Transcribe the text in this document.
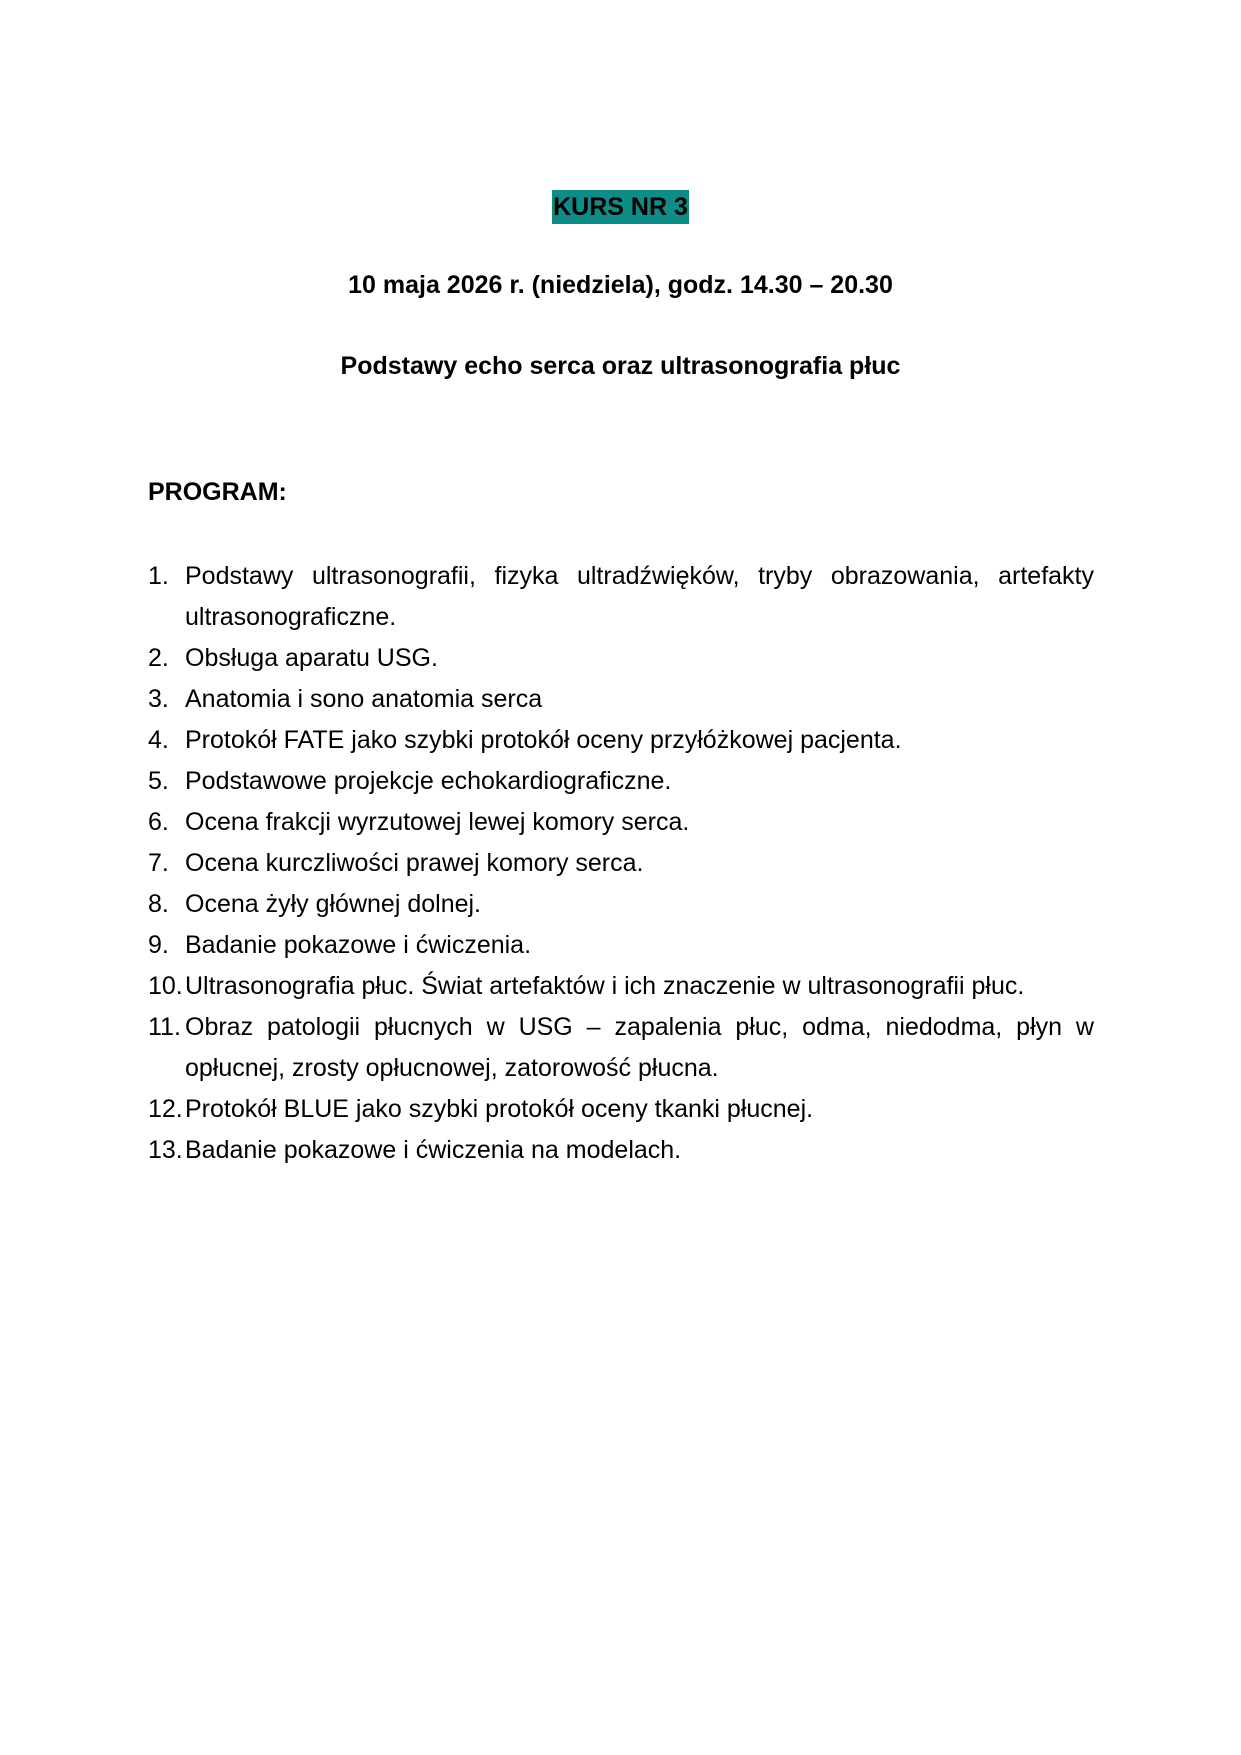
KURS NR 3
10 maja 2026 r. (niedziela), godz. 14.30 – 20.30
Podstawy echo serca oraz ultrasonografia płuc
PROGRAM:
1. Podstawy ultrasonografii, fizyka ultradźwięków, tryby obrazowania, artefakty ultrasonograficzne.
2. Obsługa aparatu USG.
3. Anatomia i sono anatomia serca
4. Protokół FATE jako szybki protokół oceny przyłóżkowej pacjenta.
5. Podstawowe projekcje echokardiograficzne.
6. Ocena frakcji wyrzutowej lewej komory serca.
7. Ocena kurczliwości prawej komory serca.
8. Ocena żyły głównej dolnej.
9. Badanie pokazowe i ćwiczenia.
10. Ultrasonografia płuc. Świat artefaktów i ich znaczenie w ultrasonografii płuc.
11. Obraz patologii płucnych w USG – zapalenia płuc, odma, niedodma, płyn w opłucnej, zrosty opłucnowej, zatorowość płucna.
12. Protokół BLUE jako szybki protokół oceny tkanki płucnej.
13. Badanie pokazowe i ćwiczenia na modelach.
